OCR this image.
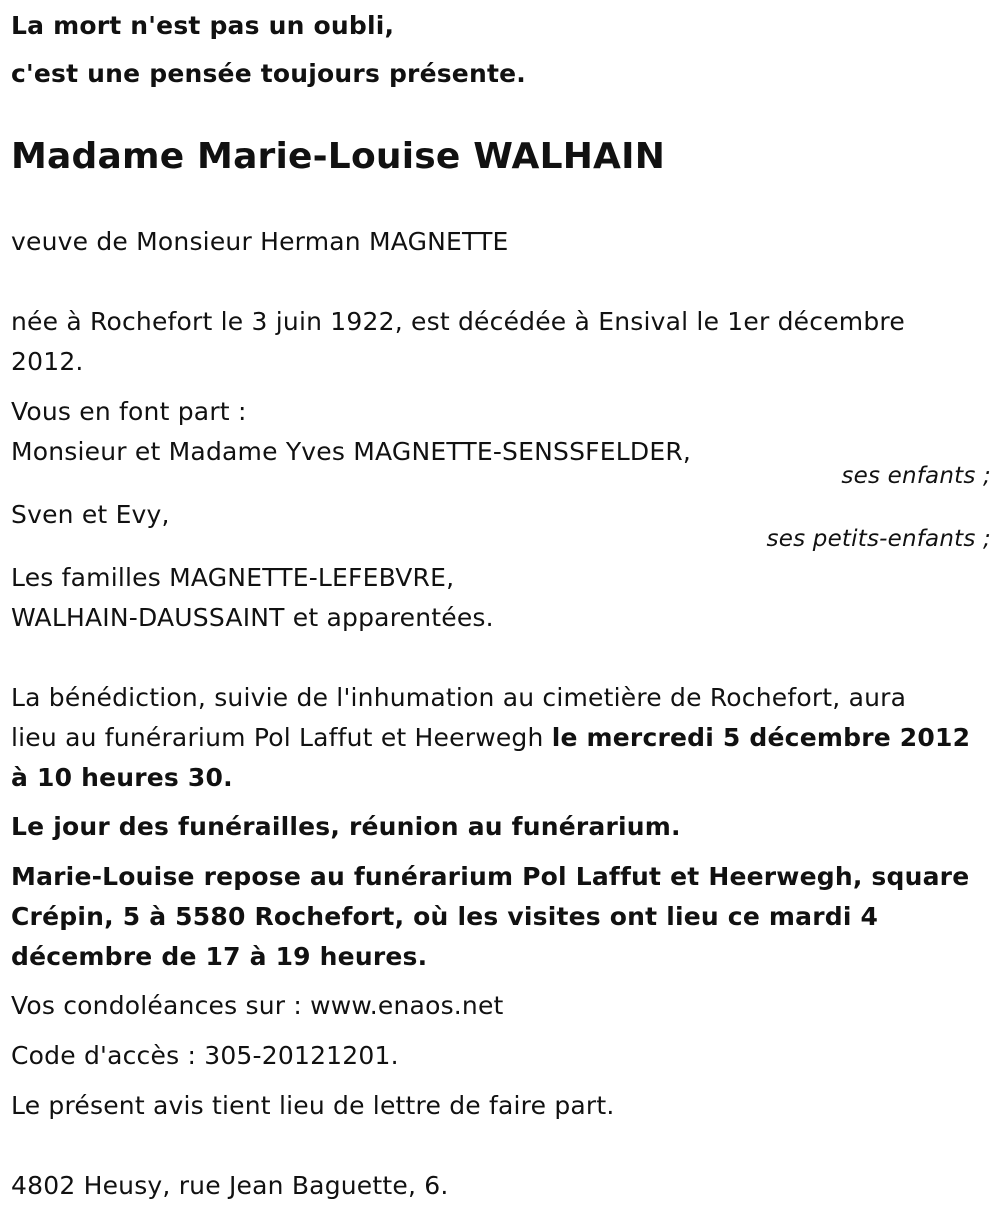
La mort n'est pas un oubli,
c'est une pensée toujours présente.
Madame Marie-Louise WALHAIN
veuve de Monsieur Herman MAGNETTE
née à Rochefort le 3 juin 1922, est décédée à Ensival le 1er décembre
2012.
Vous en font part :
Monsieur et Madame Yves MAGNETTE-SENSSFELDER,
ses enfants ;
Sven et Evy,
ses petits-enfants ;
Les familles MAGNETTE-LEFEBVRE,
WALHAIN-DAUSSAINT et apparentées.
La bénédiction, suivie de l'inhumation au cimetière de Rochefort, aura
lieu au funérarium Pol Laffut et Heerwegh le mercredi 5 décembre 2012
à 10 heures 30.
Le jour des funérailles, réunion au funérarium.
Marie-Louise repose au funérarium Pol Laffut et Heerwegh, square
Crépin, 5 à 5580 Rochefort, où les visites ont lieu ce mardi 4
décembre de 17 à 19 heures.
Vos condoléances sur : www.enaos.net
Code d'accès : 305-20121201.
Le présent avis tient lieu de lettre de faire part.
4802 Heusy, rue Jean Baguette, 6.
